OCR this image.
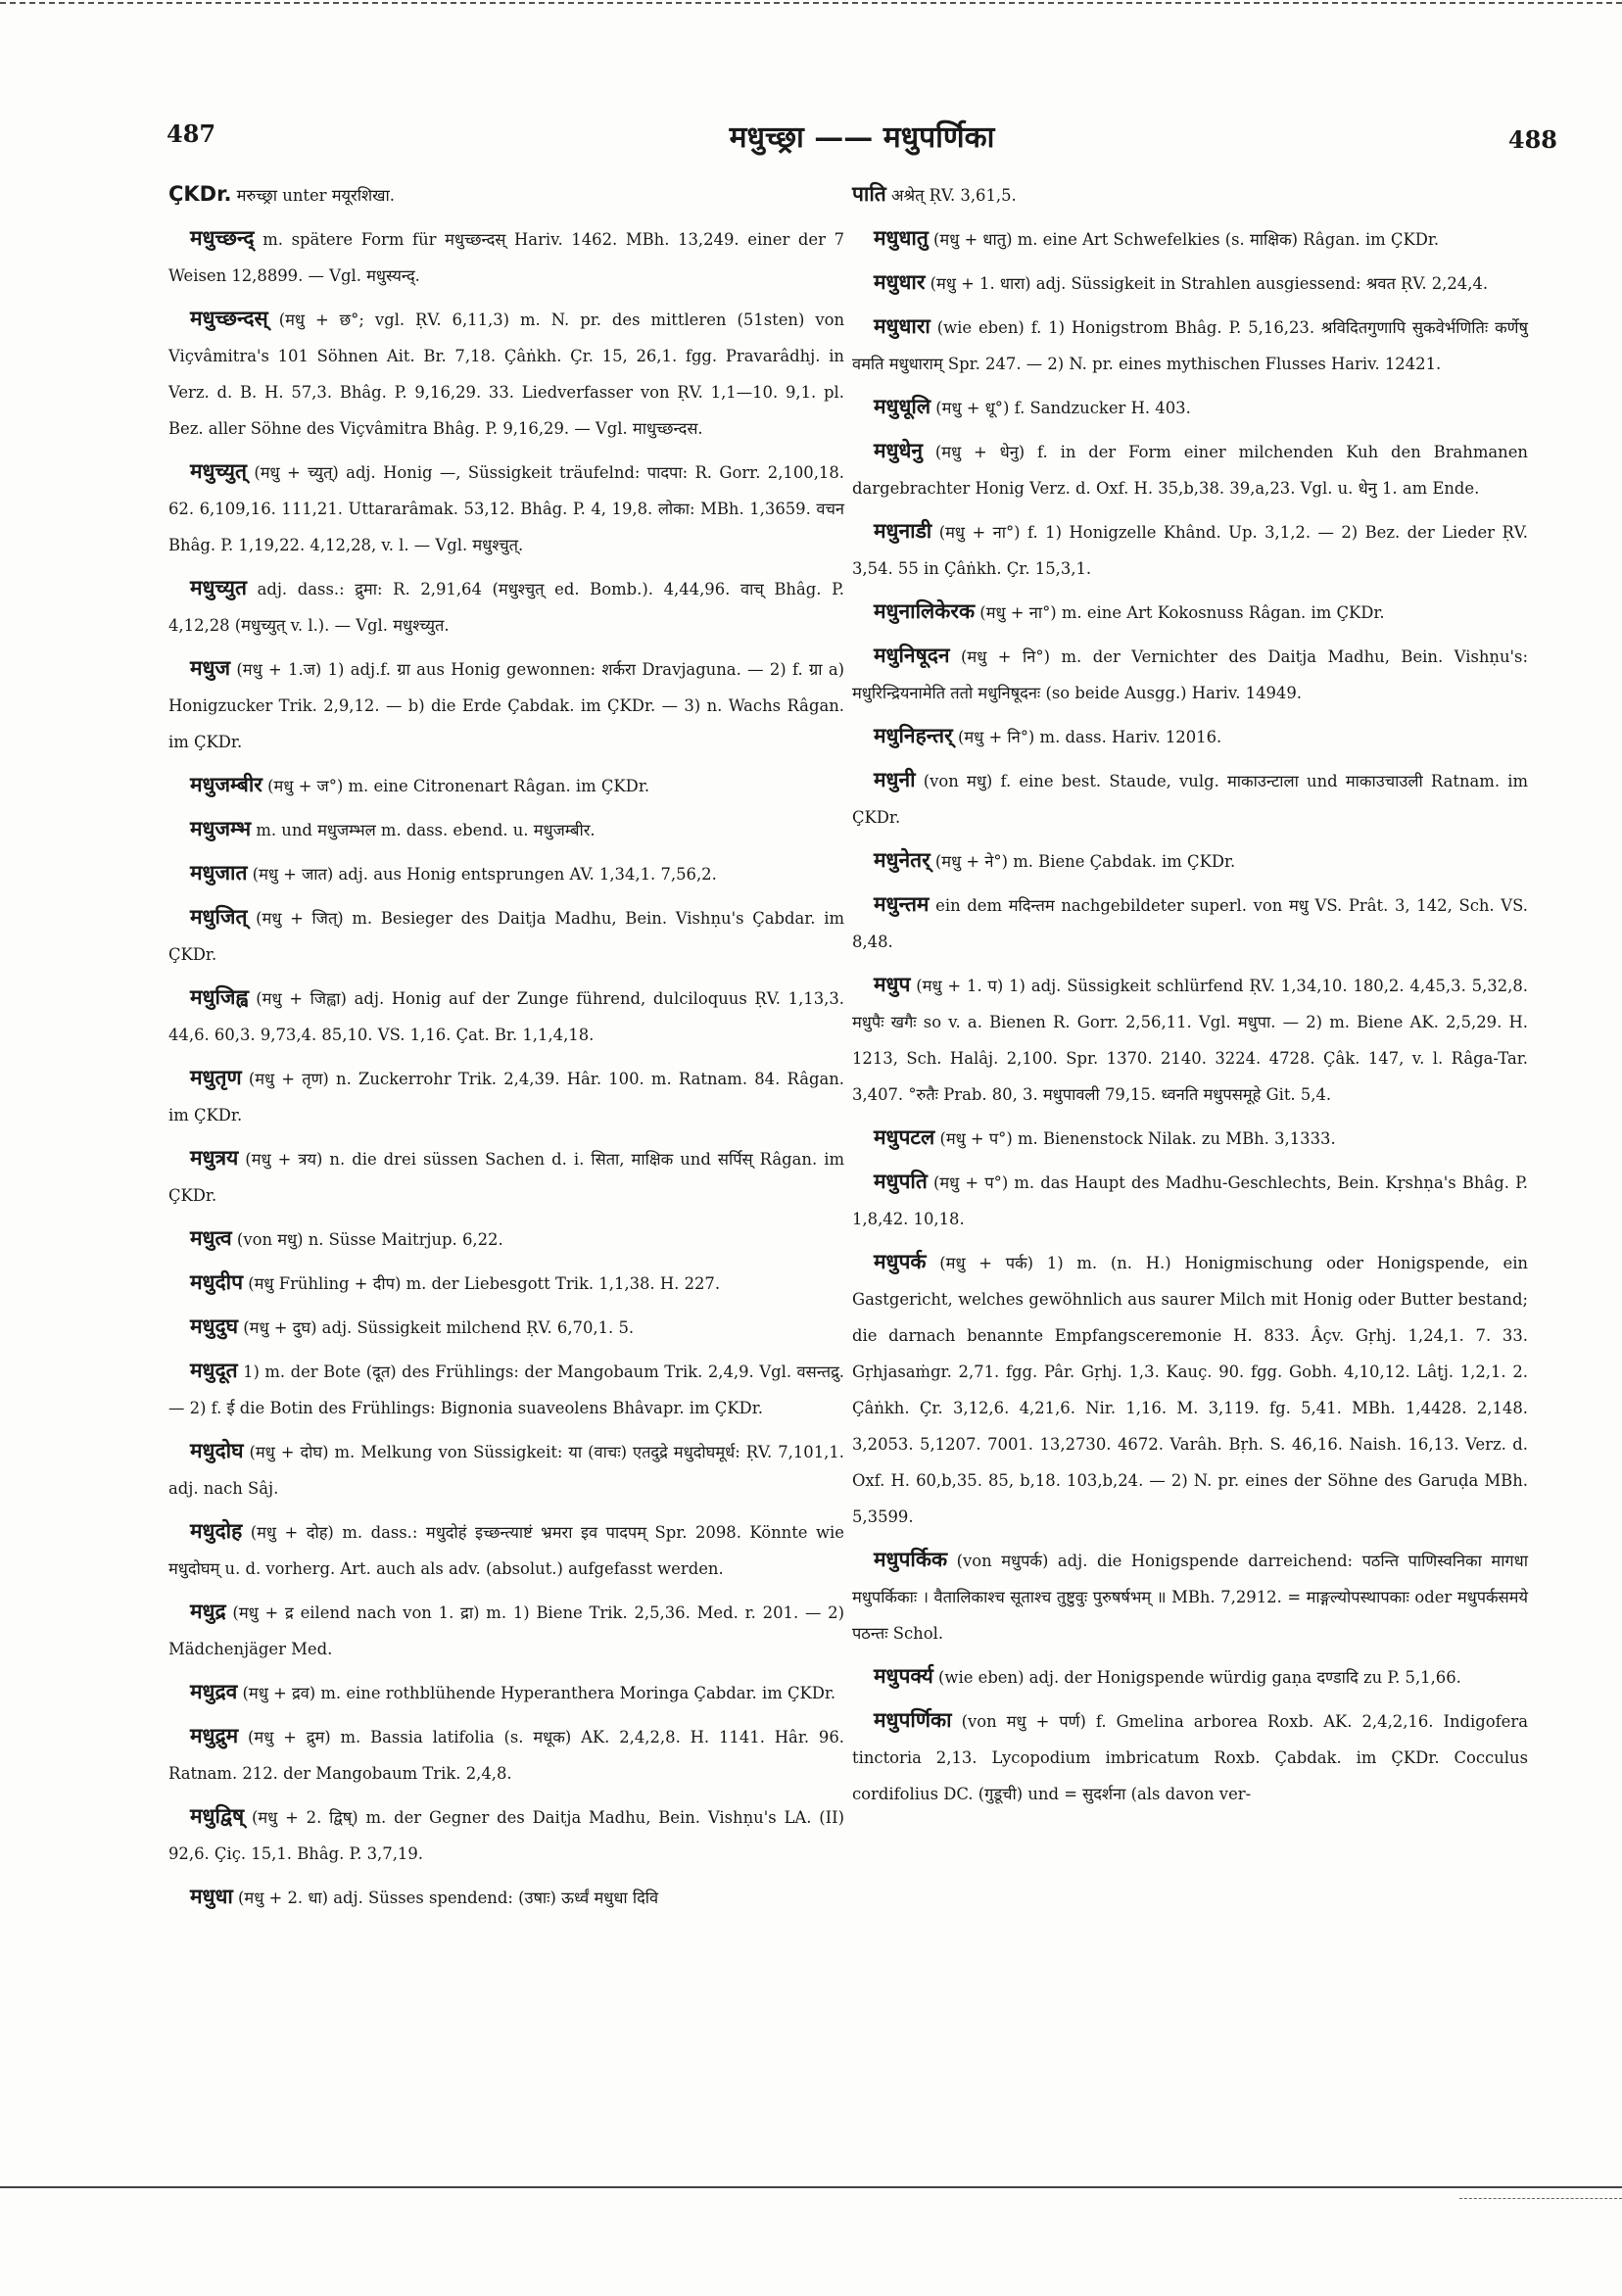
487	मधुच्छ्रा —— मधुपर्णिका	488

ÇKDr. मरुच्छ्रा unter मयूरशिखा.

मधुच्छन्द् m. spätere Form für मधुच्छन्दस् Hariv. 1462. MBh. 13,249. einer der 7 Weisen 12,8899. — Vgl. मधुस्यन्द्.

मधुच्छन्दस् (मधु + छ°; vgl. ṚV. 6,11,3) m. N. pr. des mittleren (51sten) von Viçvâmitra's 101 Söhnen Ait. Br. 7,18. Çâṅkh. Çr. 15, 26,1. fgg. Pravarâdhj. in Verz. d. B. H. 57,3. Bhâg. P. 9,16,29. 33. Liedverfasser von ṚV. 1,1—10. 9,1. pl. Bez. aller Söhne des Viçvâmitra Bhâg. P. 9,16,29. — Vgl. माधुच्छन्दस.

मधुच्युत् (मधु + च्युत्) adj. Honig —, Süssigkeit träufelnd: पादपा: R. Gorr. 2,100,18. 62. 6,109,16. 111,21. Uttararâmak. 53,12. Bhâg. P. 4, 19,8. लोका: MBh. 1,3659. वचन Bhâg. P. 1,19,22. 4,12,28, v. l. — Vgl. मधुश्चुत्.

मधुच्युत adj. dass.: द्रुमा: R. 2,91,64 (मधुश्चुत् ed. Bomb.). 4,44,96. वाच् Bhâg. P. 4,12,28 (मधुच्युत् v. l.). — Vgl. मधुश्च्युत.

मधुज (मधु + 1.ज) 1) adj.f. ग्रा aus Honig gewonnen: शर्करा Dravjaguna. — 2) f. ग्रा a) Honigzucker Trik. 2,9,12. — b) die Erde Çabdak. im ÇKDr. — 3) n. Wachs Râgan. im ÇKDr.

मधुजम्बीर (मधु + ज°) m. eine Citronenart Râgan. im ÇKDr.

मधुजम्भ m. und मधुजम्भल m. dass. ebend. u. मधुजम्बीर.

मधुजात (मधु + जात) adj. aus Honig entsprungen AV. 1,34,1. 7,56,2.

मधुजित् (मधु + जित्) m. Besieger des Daitja Madhu, Bein. Vishṇu's Çabdar. im ÇKDr.

मधुजिह्व (मधु + जिह्वा) adj. Honig auf der Zunge führend, dulciloquus ṚV. 1,13,3. 44,6. 60,3. 9,73,4. 85,10. VS. 1,16. Çat. Br. 1,1,4,18.

मधुतृण (मधु + तृण) n. Zuckerrohr Trik. 2,4,39. Hâr. 100. m. Ratnam. 84. Râgan. im ÇKDr.

मधुत्रय (मधु + त्रय) n. die drei süssen Sachen d. i. सिता, माक्षिक und सर्पिस् Râgan. im ÇKDr.

मधुत्व (von मधु) n. Süsse Maitrjup. 6,22.

मधुदीप (मधु Frühling + दीप) m. der Liebesgott Trik. 1,1,38. H. 227.

मधुदुघ (मधु + दुघ) adj. Süssigkeit milchend ṚV. 6,70,1. 5.

मधुदूत 1) m. der Bote (दूत) des Frühlings: der Mangobaum Trik. 2,4,9. Vgl. वसन्तद्रु. — 2) f. ई die Botin des Frühlings: Bignonia suaveolens Bhâvapr. im ÇKDr.

मधुदोघ (मधु + दोघ) m. Melkung von Süssigkeit: या (वाचः) एतदुद्रे मधुदोघमूर्ध: ṚV. 7,101,1. adj. nach Sâj.

मधुदोह (मधु + दोह) m. dass.: मधुदोहं इच्छन्त्याष्टं भ्रमरा इव पादपम् Spr. 2098. Könnte wie मधुदोघम् u. d. vorherg. Art. auch als adv. (absolut.) aufgefasst werden.

मधुद्र (मधु + द्र eilend nach von 1. द्रा) m. 1) Biene Trik. 2,5,36. Med. r. 201. — 2) Mädchenjäger Med.

मधुद्रव (मधु + द्रव) m. eine rothblühende Hyperanthera Moringa Çabdar. im ÇKDr.

मधुद्रुम (मधु + द्रुम) m. Bassia latifolia (s. मधूक) AK. 2,4,2,8. H. 1141. Hâr. 96. Ratnam. 212. der Mangobaum Trik. 2,4,8.

मधुद्विष् (मधु + 2. द्विष्) m. der Gegner des Daitja Madhu, Bein. Vishṇu's LA. (II) 92,6. Çiç. 15,1. Bhâg. P. 3,7,19.

मधुधा (मधु + 2. धा) adj. Süsses spendend: (उषाः) ऊर्ध्वं मधुधा दिवि

पाति अश्रेत् ṚV. 3,61,5.

मधुधातु (मधु + धातु) m. eine Art Schwefelkies (s. माक्षिक) Râgan. im ÇKDr.

मधुधार (मधु + 1. धारा) adj. Süssigkeit in Strahlen ausgiessend: श्रवत ṚV. 2,24,4.

मधुधारा (wie eben) f. 1) Honigstrom Bhâg. P. 5,16,23. श्रविदितगुणापि सुकवेर्भणितिः कर्णेषु वमति मधुधाराम् Spr. 247. — 2) N. pr. eines mythischen Flusses Hariv. 12421.

मधुधूलि (मधु + धू°) f. Sandzucker H. 403.

मधुधेनु (मधु + धेनु) f. in der Form einer milchenden Kuh den Brahmanen dargebrachter Honig Verz. d. Oxf. H. 35,b,38. 39,a,23. Vgl. u. धेनु 1. am Ende.

मधुनाडी (मधु + ना°) f. 1) Honigzelle Khând. Up. 3,1,2. — 2) Bez. der Lieder ṚV. 3,54. 55 in Çâṅkh. Çr. 15,3,1.

मधुनालिकेरक (मधु + ना°) m. eine Art Kokosnuss Râgan. im ÇKDr.

मधुनिषूदन (मधु + नि°) m. der Vernichter des Daitja Madhu, Bein. Vishṇu's: मधुरिन्द्रियनामेति ततो मधुनिषूदनः (so beide Ausgg.) Hariv. 14949.

मधुनिहन्तर् (मधु + नि°) m. dass. Hariv. 12016.

मधुनी (von मधु) f. eine best. Staude, vulg. माकाउन्टाला und माकाउचाउली Ratnam. im ÇKDr.

मधुनेतर् (मधु + ने°) m. Biene Çabdak. im ÇKDr.

मधुन्तम ein dem मदिन्तम nachgebildeter superl. von मधु VS. Prât. 3, 142, Sch. VS. 8,48.

मधुप (मधु + 1. प) 1) adj. Süssigkeit schlürfend ṚV. 1,34,10. 180,2. 4,45,3. 5,32,8. मधुपैः खगैः so v. a. Bienen R. Gorr. 2,56,11. Vgl. मधुपा. — 2) m. Biene AK. 2,5,29. H. 1213, Sch. Halâj. 2,100. Spr. 1370. 2140. 3224. 4728. Çâk. 147, v. l. Râga-Tar. 3,407. °रुतैः Prab. 80, 3. मधुपावली 79,15. ध्वनति मधुपसमूहे Git. 5,4.

मधुपटल (मधु + प°) m. Bienenstock Nilak. zu MBh. 3,1333.

मधुपति (मधु + प°) m. das Haupt des Madhu-Geschlechts, Bein. Kṛshṇa's Bhâg. P. 1,8,42. 10,18.

मधुपर्क (मधु + पर्क) 1) m. (n. H.) Honigmischung oder Honigspende, ein Gastgericht, welches gewöhnlich aus saurer Milch mit Honig oder Butter bestand; die darnach benannte Empfangsceremonie H. 833. Âçv. Gṛhj. 1,24,1. 7. 33. Gṛhjasaṁgr. 2,71. fgg. Pâr. Gṛhj. 1,3. Kauç. 90. fgg. Gobh. 4,10,12. Lâṭj. 1,2,1. 2. Çâṅkh. Çr. 3,12,6. 4,21,6. Nir. 1,16. M. 3,119. fg. 5,41. MBh. 1,4428. 2,148. 3,2053. 5,1207. 7001. 13,2730. 4672. Varâh. Bṛh. S. 46,16. Naish. 16,13. Verz. d. Oxf. H. 60,b,35. 85, b,18. 103,b,24. — 2) N. pr. eines der Söhne des Garuḍa MBh. 5,3599.

मधुपर्किक (von मधुपर्क) adj. die Honigspende darreichend: पठन्ति पाणिस्वनिका मागधा मधुपर्किकाः । वैतालिकाश्च सूताश्च तुष्टुवुः पुरुषर्षभम् ॥ MBh. 7,2912. = माङ्गल्योपस्थापकाः oder मधुपर्कसमये पठन्तः Schol.

मधुपर्क्य (wie eben) adj. der Honigspende würdig gaṇa दण्डादि zu P. 5,1,66.

मधुपर्णिका (von मधु + पर्ण) f. Gmelina arborea Roxb. AK. 2,4,2,16. Indigofera tinctoria 2,13. Lycopodium imbricatum Roxb. Çabdak. im ÇKDr. Cocculus cordifolius DC. (गुडूची) und = सुदर्शना (als davon ver-
